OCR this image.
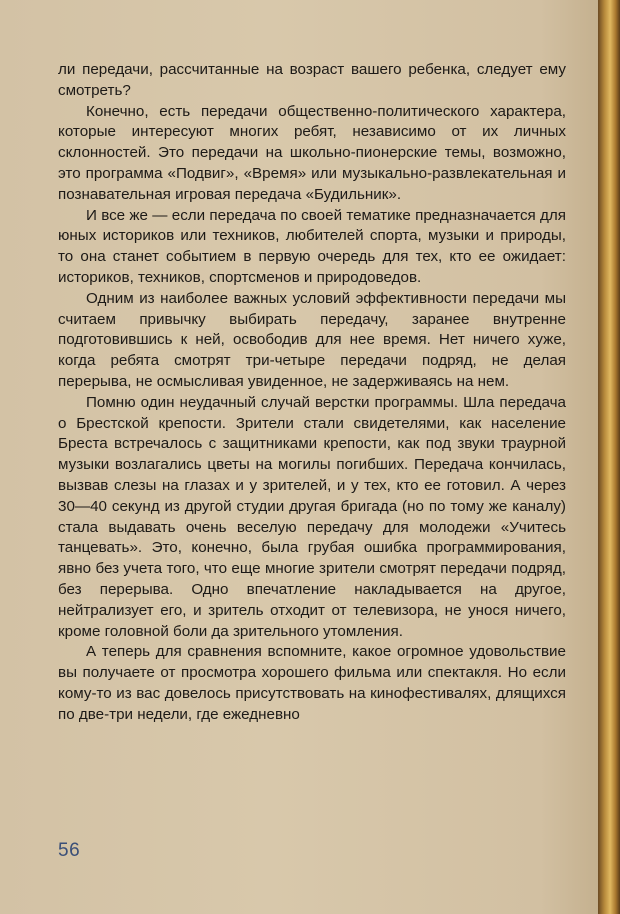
ли передачи, рассчитанные на возраст вашего ребенка, следует ему смотреть?

Конечно, есть передачи общественно-политического характера, которые интересуют многих ребят, независимо от их личных склонностей. Это передачи на школьно-пионерские темы, возможно, это программа «Подвиг», «Время» или музыкально-развлекательная и познавательная игровая передача «Будильник».

И все же — если передача по своей тематике предназначается для юных историков или техников, любителей спорта, музыки и природы, то она станет событием в первую очередь для тех, кто ее ожидает: историков, техников, спортсменов и природоведов.

Одним из наиболее важных условий эффективности передачи мы считаем привычку выбирать передачу, заранее внутренне подготовившись к ней, освободив для нее время. Нет ничего хуже, когда ребята смотрят три-четыре передачи подряд, не делая перерыва, не осмысливая увиденное, не задерживаясь на нем.

Помню один неудачный случай верстки программы. Шла передача о Брестской крепости. Зрители стали свидетелями, как население Бреста встречалось с защитниками крепости, как под звуки траурной музыки возлагались цветы на могилы погибших. Передача кончилась, вызвав слезы на глазах и у зрителей, и у тех, кто ее готовил. А через 30—40 секунд из другой студии другая бригада (но по тому же каналу) стала выдавать очень веселую передачу для молодежи «Учитесь танцевать». Это, конечно, была грубая ошибка программирования, явно без учета того, что еще многие зрители смотрят передачи подряд, без перерыва. Одно впечатление накладывается на другое, нейтрализует его, и зритель отходит от телевизора, не унося ничего, кроме головной боли да зрительного утомления.

А теперь для сравнения вспомните, какое огромное удовольствие вы получаете от просмотра хорошего фильма или спектакля. Но если кому-то из вас довелось присутствовать на кинофестивалях, длящихся по две-три недели, где ежедневно

56
